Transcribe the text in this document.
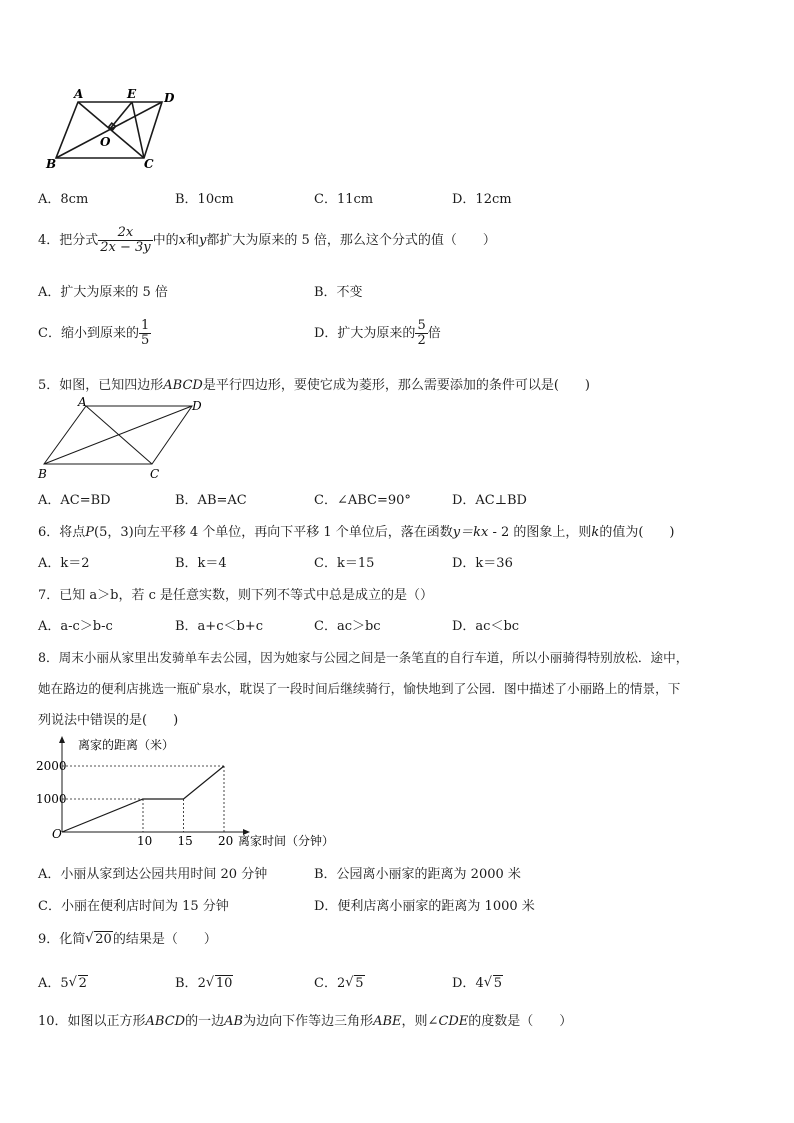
A	E D
O
B	C
A．8cm	B．10cm	C．11cm	D．12cm
4．把分式 $\frac{2x}{2x - 3y}$ 中的x和y都扩大为原来的 5 倍，那么这个分式的值（　　）
A．扩大为原来的 5 倍	B．不变
C．缩小到原来的 $\frac{1}{5}$	D．扩大为原来的 $\frac{5}{2}$ 倍
5．如图，已知四边形ABCD是平行四边形，要使它成为菱形，那么需要添加的条件可以是(　　)
A	D
B	C
A．AC=BD	B．AB=AC	C．∠ABC=90°	D．AC⊥BD
6．将点P(5，3)向左平移 4 个单位，再向下平移 1 个单位后，落在函数y＝kx - 2 的图象上，则k的值为(　　)
A．k＝2	B．k＝4	C．k＝15	D．k＝36
7．已知 a＞b，若 c 是任意实数，则下列不等式中总是成立的是（）
A．a-c＞b-c	B．a+c＜b+c	C．ac＞bc	D．ac＜bc
8．周末小丽从家里出发骑单车去公园，因为她家与公园之间是一条笔直的自行车道，所以小丽骑得特别放松．途中，
她在路边的便利店挑选一瓶矿泉水，耽误了一段时间后继续骑行，愉快地到了公园．图中描述了小丽路上的情景，下
列说法中错误的是(　　)
离家的距离（米）
离家时间（分钟）
O	10 15 20
1000
2000
A．小丽从家到达公园共用时间 20 分钟	B．公园离小丽家的距离为 2000 米
C．小丽在便利店时间为 15 分钟	D．便利店离小丽家的距离为 1000 米
9．化简 √ 20的结果是（　　）
A．5 √ 2	B．2 √ 10	C．2 √ 5	D．4 √ 5
10．如图以正方形ABCD的一边AB为边向下作等边三角形ABE，则∠CDE的度数是（　　）
